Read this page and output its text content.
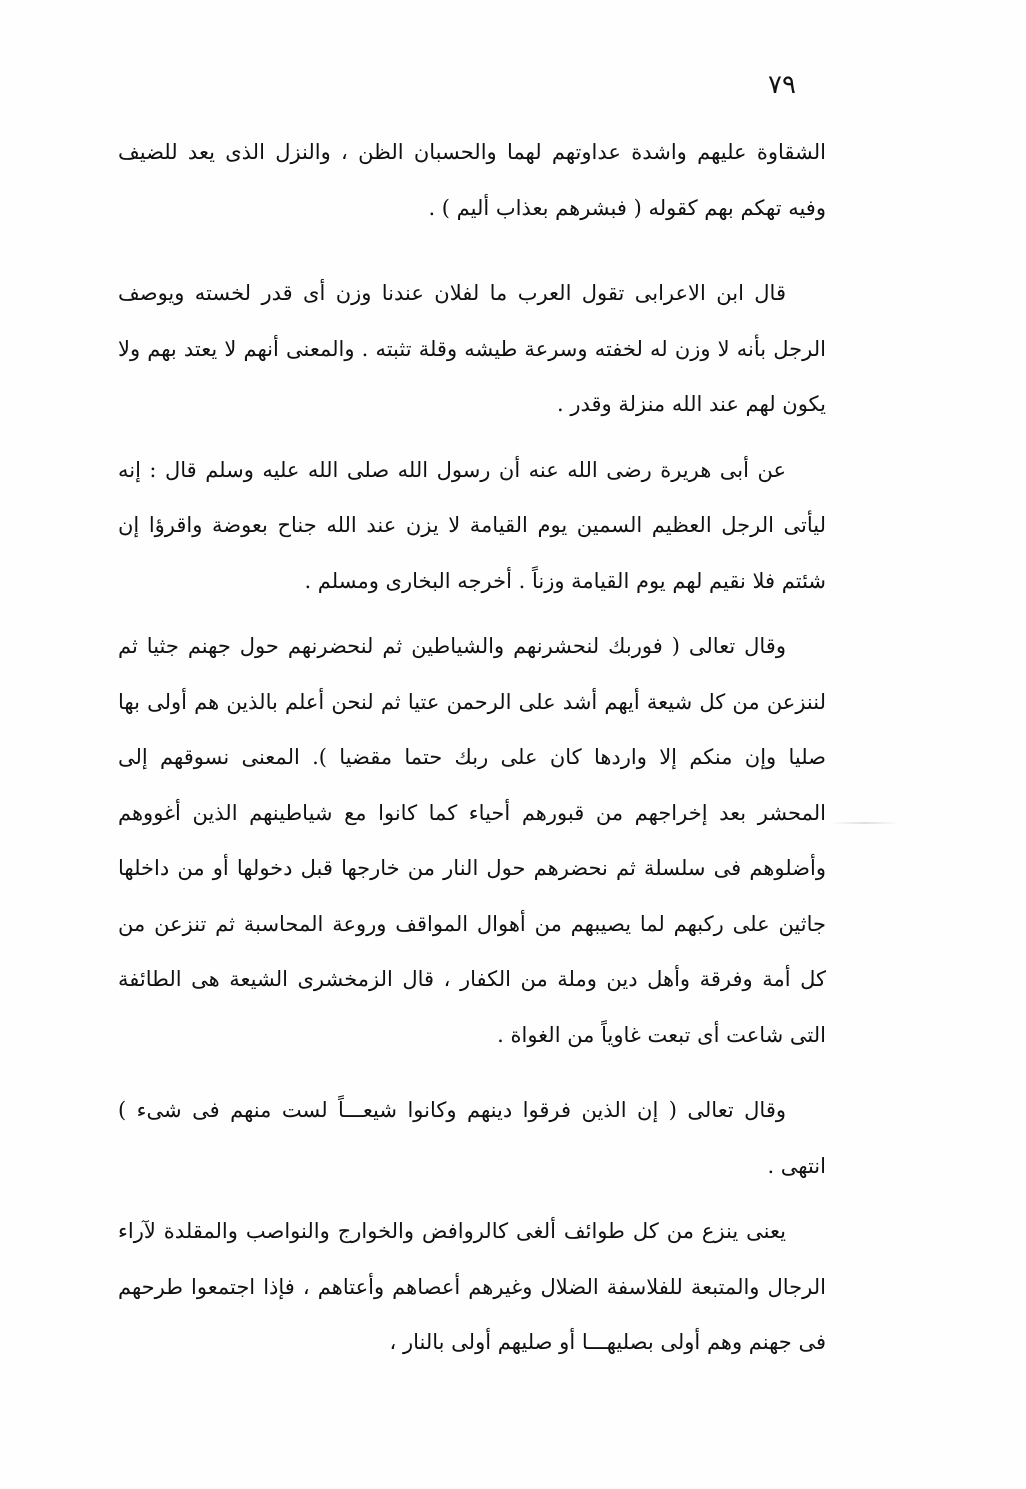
٧٩

الشقاوة عليهم واشدة عداوتهم لهما والحسبان الظن ، والنزل الذى يعد للضيف وفيه تهكم بهم كقوله ( فبشرهم بعذاب أليم ) .

قال ابن الاعرابى تقول العرب ما لفلان عندنا وزن أى قدر لخسته ويوصف الرجل بأنه لا وزن له لخفته وسرعة طيشه وقلة تثبته . والمعنى أنهم لا يعتد بهم ولا يكون لهم عند الله منزلة وقدر .

عن أبى هريرة رضى الله عنه أن رسول الله صلى الله عليه وسلم قال : إنه ليأتى الرجل العظيم السمين يوم القيامة لا يزن عند الله جناح بعوضة واقرؤا إن شئتم فلا نقيم لهم يوم القيامة وزناً . أخرجه البخارى ومسلم .

وقال تعالى ( فوربك لنحشرنهم والشياطين ثم لنحضرنهم حول جهنم جثيا ثم لننزعن من كل شيعة أيهم أشد على الرحمن عتيا ثم لنحن أعلم بالذين هم أولى بها صليا وإن منكم إلا واردها كان على ربك حتما مقضيا ). المعنى نسوقهم إلى المحشر بعد إخراجهم من قبورهم أحياء كما كانوا مع شياطينهم الذين أغووهم وأضلوهم فى سلسلة ثم نحضرهم حول النار من خارجها قبل دخولها أو من داخلها جاثين على ركبهم لما يصيبهم من أهوال المواقف وروعة المحاسبة ثم تنزعن من كل أمة وفرقة وأهل دين وملة من الكفار ، قال الزمخشرى الشيعة هى الطائفة التى شاعت أى تبعت غاوياً من الغواة .

وقال تعالى ( إن الذين فرقوا دينهم وكانوا شيعـــاً لست منهم فى شىء ) انتهى .

يعنى ينزع من كل طوائف ألغى كالروافض والخوارج والنواصب والمقلدة لآراء الرجال والمتبعة للفلاسفة الضلال وغيرهم أعصاهم وأعتاهم ، فإذا اجتمعوا طرحهم فى جهنم وهم أولى بصليهـــا أو صليهم أولى بالنار ،
